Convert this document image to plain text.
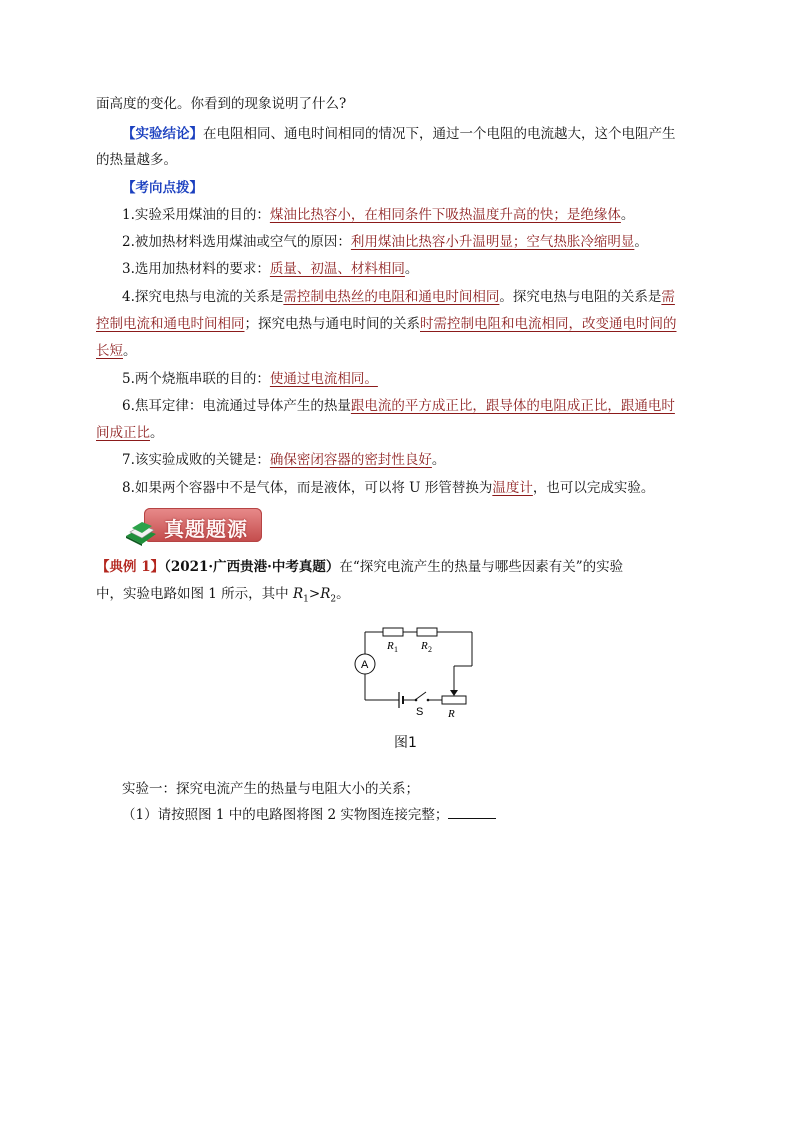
面高度的变化。你看到的现象说明了什么?
【实验结论】在电阻相同、通电时间相同的情况下，通过一个电阻的电流越大，这个电阻产生
的热量越多。
【考向点拨】
1.实验采用煤油的目的：煤油比热容小，在相同条件下吸热温度升高的快；是绝缘体。
2.被加热材料选用煤油或空气的原因：利用煤油比热容小升温明显；空气热胀冷缩明显。
3.选用加热材料的要求：质量、初温、材料相同。
4.探究电热与电流的关系是需控制电热丝的电阻和通电时间相同。探究电热与电阻的关系是需
控制电流和通电时间相同；探究电热与通电时间的关系时需控制电阻和电流相同，改变通电时间的
长短。
5.两个烧瓶串联的目的：使通过电流相同。
6.焦耳定律：电流通过导体产生的热量跟电流的平方成正比，跟导体的电阻成正比，跟通电时
间成正比。
7.该实验成败的关键是：确保密闭容器的密封性良好。
8.如果两个容器中不是气体，而是液体，可以将 U 形管替换为温度计，也可以完成实验。
真题题源
【典例 1】（2021·广西贵港·中考真题）在“探究电流产生的热量与哪些因素有关”的实验
中，实验电路如图 1 所示，其中 $R_1>R_2$。
A
R 1 R 2
S R
图1
实验一：探究电流产生的热量与电阻大小的关系；
（1）请按照图 1 中的电路图将图 2 实物图连接完整；
